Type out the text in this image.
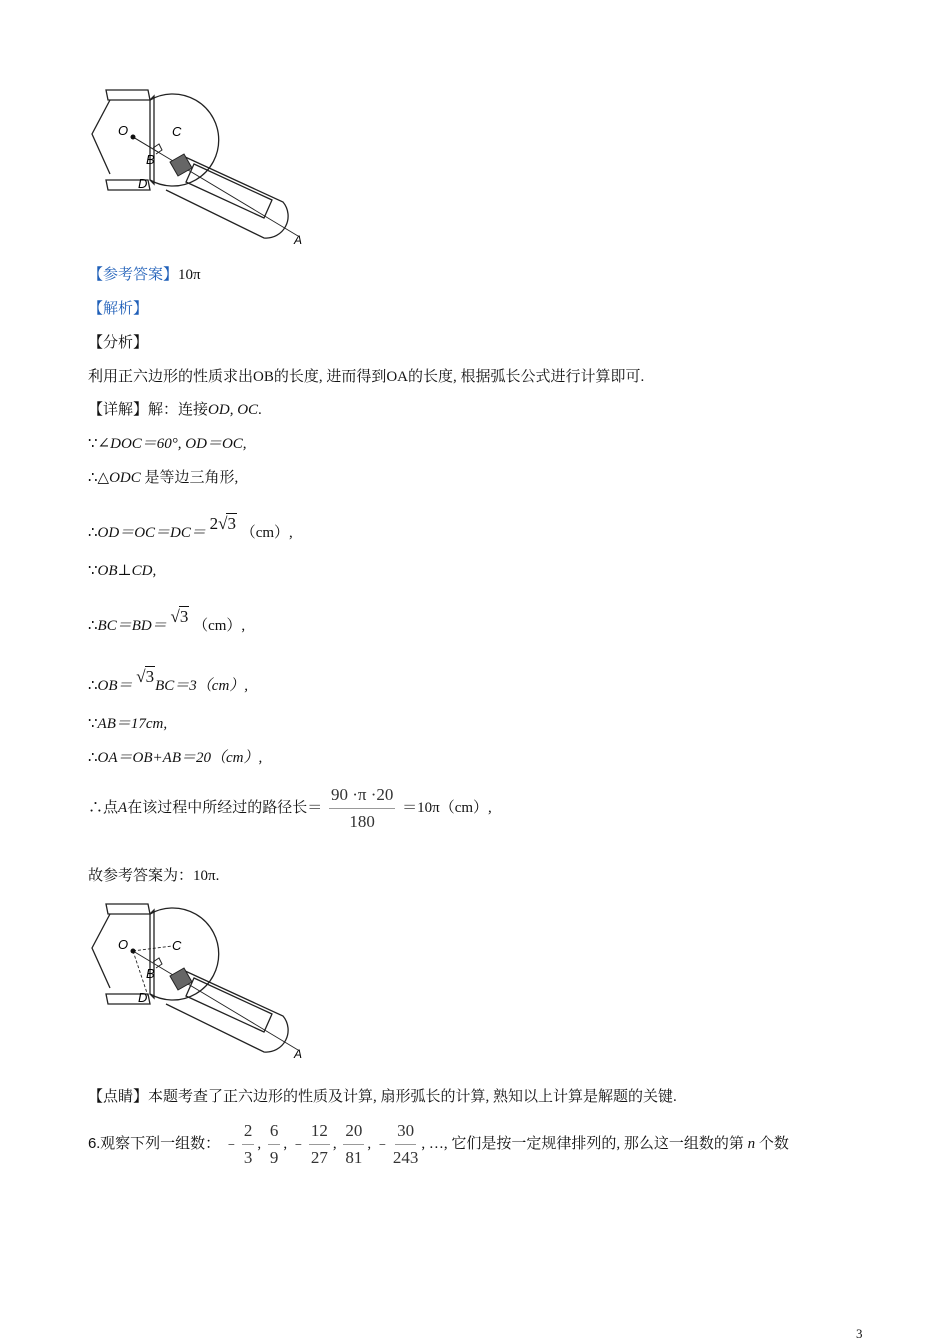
O	C
B
D
A
【参考答案】10π
【解析】
【分析】
利用正六边形的性质求出OB的长度, 进而得到OA的长度, 根据弧长公式进行计算即可.
【详解】解：连接OD, OC.
∵∠DOC＝60°, OD＝OC,
∴△ODC 是等边三角形,
∴OD＝OC＝DC＝ 2√3 （cm）,
∵OB⊥CD,
∴BC＝BD＝ √3 （cm）,
∴OB＝ √3BC＝3（cm）,
∵AB＝17cm,
∴OA＝OB+AB＝20（cm）,
∴点A在该过程中所经过的路径长＝ $\frac{90 \cdot\pi \cdot 20}{180} =10\pi(cm)$,
故参考答案为：10π.
O	C
B
D
A
【点睛】本题考查了正六边形的性质及计算, 扇形弧长的计算, 熟知以上计算是解题的关键.
6.观察下列一组数： ﹣ $\frac{2}{3}$ , $\frac{6}{9}$ , ﹣ $\frac{12}{27}$ , $\frac{20}{81}$ , ﹣ $\frac{30}{243}$ , …, 它们是按一定规律排列的, 那么这一组数的第 n 个数
3
